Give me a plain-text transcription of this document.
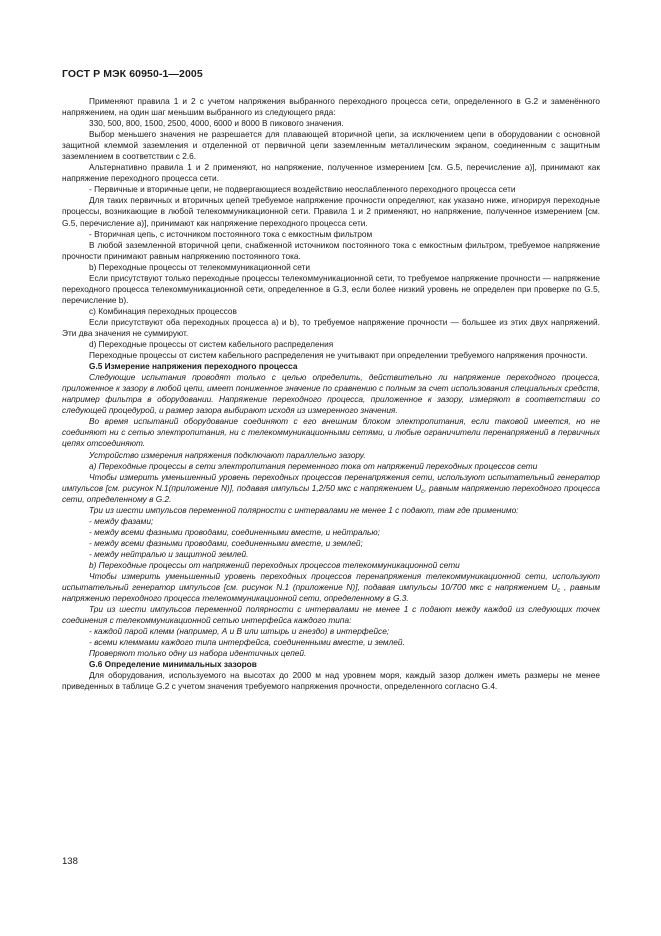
ГОСТ Р МЭК 60950-1—2005

Применяют правила 1 и 2 с учетом напряжения выбранного переходного процесса сети, определенного в G.2 и заменённого напряжением, на один шаг меньшим выбранного из следующего ряда:

330, 500, 800, 1500, 2500, 4000, 6000 и 8000 В пикового значения.

Выбор меньшего значения не разрешается для плавающей вторичной цепи, за исключением цепи в оборудовании с основной защитной клеммой заземления и отделенной от первичной цепи заземленным металлическим экраном, соединенным с защитным заземлением в соответствии с 2.6.

Альтернативно правила 1 и 2 применяют, но напряжение, полученное измерением [см. G.5, перечисление а)], принимают как напряжение переходного процесса сети.

- Первичные и вторичные цепи, не подвергающиеся воздействию неослабленного переходного процесса сети

Для таких первичных и вторичных цепей требуемое напряжение прочности определяют, как указано ниже, игнорируя переходные процессы, возникающие в любой телекоммуникационной сети. Правила 1 и 2 применяют, но напряжение, полученное измерением [см. G.5, перечисление а)], принимают как напряжение переходного процесса сети.

- Вторичная цепь, с источником постоянного тока с емкостным фильтром

В любой заземленной вторичной цепи, снабженной источником постоянного тока с емкостным фильтром, требуемое напряжение прочности принимают равным напряжению постоянного тока.

b) Переходные процессы от телекоммуникационной сети

Если присутствуют только переходные процессы телекоммуникационной сети, то требуемое напряжение прочности — напряжение переходного процесса телекоммуникационной сети, определенное в G.3, если более низкий уровень не определен при проверке по G.5, перечисление b).

с) Комбинация переходных процессов

Если присутствуют оба переходных процесса а) и b), то требуемое напряжение прочности — большее из этих двух напряжений. Эти два значения не суммируют.

d) Переходные процессы от систем кабельного распределения

Переходные процессы от систем кабельного распределения не учитывают при определении требуемого напряжения прочности.

G.5 Измерение напряжения переходного процесса

Следующие испытания проводят только с целью определить, действительно ли напряжение переходного процесса, приложенное к зазору в любой цепи, имеет пониженное значение по сравнению с полным за счет использования специальных средств, например фильтра в оборудовании. Напряжение переходного процесса, приложенное к зазору, измеряют в соответствии со следующей процедурой, и размер зазора выбирают исходя из измеренного значения.

Во время испытаний оборудование соединяют с его внешним блоком электропитания, если таковой имеется, но не соединяют ни с сетью электропитания, ни с телекоммуникационными сетями, и любые ограничители перенапряжений в первичных цепях отсоединяют.

Устройство измерения напряжения подключают параллельно зазору.

а) Переходные процессы в сети электропитания переменного тока от напряжений переходных процессов сети

Чтобы измерить уменьшенный уровень переходных процессов перенапряжения сети, используют испытательный генератор импульсов [см. рисунок N.1(приложение N)], подавая импульсы 1,2/50 мкс с напряжением $U_c$, равным напряжению переходного процесса сети, определенному в G.2.

Три из шести импульсов переменной полярности с интервалами не менее 1 с подают, там где применимо:

- между фазами;

- между всеми фазными проводами, соединенными вместе, и нейтралью;

- между всеми фазными проводами, соединенными вместе, и землей;

- между нейтралью и защитной землей.

b) Переходные процессы от напряжений переходных процессов телекоммуникационной сети

Чтобы измерить уменьшенный уровень переходных процессов перенапряжения телекоммуникационной сети, используют испытательный генератор импульсов [см. рисунок N.1 (приложение N)], подавая импульсы 10/700 мкс с напряжением $U_c$ , равным напряжению переходного процесса телекоммуникационной сети, определенному в G.3.

Три из шести импульсов переменной полярности с интервалами не менее 1 с подают между каждой из следующих точек соединения с телекоммуникационной сетью интерфейса каждого типа:

- каждой парой клемм (например, А и В или штырь и гнездо) в интерфейсе;

- всеми клеммами каждого типа интерфейса, соединенными вместе, и землей.

Проверяют только одну из набора идентичных цепей.

G.6 Определение минимальных зазоров

Для оборудования, используемого на высотах до 2000 м над уровнем моря, каждый зазор должен иметь размеры не менее приведенных в таблице G.2 с учетом значения требуемого напряжения прочности, определенного согласно G.4.

138
